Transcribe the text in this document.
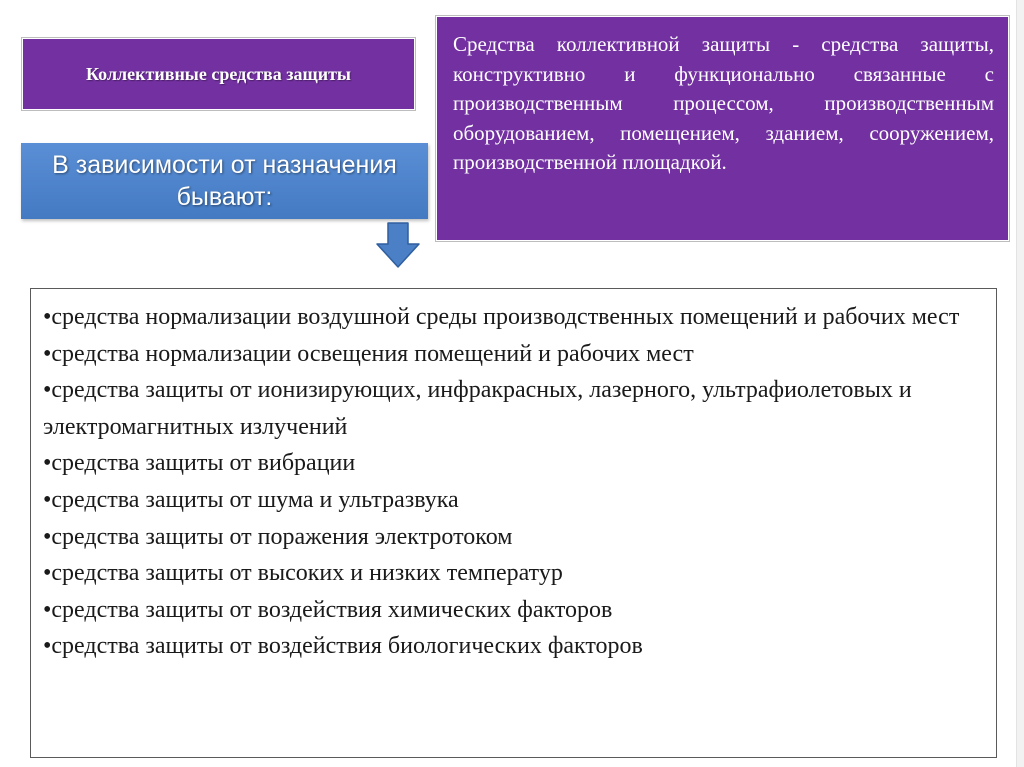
Коллективные средства защиты
Средства коллективной защиты - средства защиты, конструктивно и функционально связанные с производственным процессом, производственным оборудованием, помещением, зданием, сооружением, производственной площадкой.
В зависимости от назначения бывают:
•средства нормализации воздушной среды производственных помещений и рабочих мест
•средства нормализации освещения помещений и рабочих мест
•средства защиты от ионизирующих, инфракрасных, лазерного, ультрафиолетовых и электромагнитных излучений
•средства защиты от вибрации
•средства защиты от шума и ультразвука
•средства защиты от поражения электротоком
•средства защиты от высоких и низких температур
•средства защиты от воздействия химических факторов
•средства защиты от воздействия биологических факторов
